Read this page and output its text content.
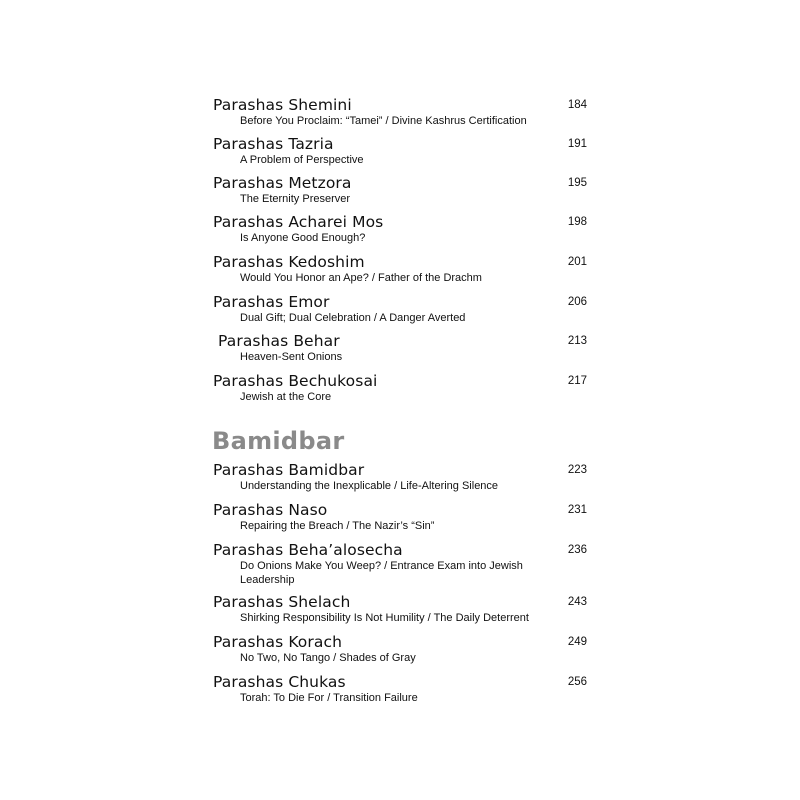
Parashas Shemini
Before You Proclaim: “Tamei” / Divine Kashrus Certification
184
Parashas Tazria
A Problem of Perspective
191
Parashas Metzora
The Eternity Preserver
195
Parashas Acharei Mos
Is Anyone Good Enough?
198
Parashas Kedoshim
Would You Honor an Ape? / Father of the Drachm
201
Parashas Emor
Dual Gift; Dual Celebration / A Danger Averted
206
Parashas Behar
Heaven-Sent Onions
213
Parashas Bechukosai
Jewish at the Core
217
Bamidbar
Parashas Bamidbar
Understanding the Inexplicable / Life-Altering Silence
223
Parashas Naso
Repairing the Breach / The Nazir’s “Sin”
231
Parashas Beha’alosecha
Do Onions Make You Weep? / Entrance Exam into Jewish Leadership
236
Parashas Shelach
Shirking Responsibility Is Not Humility / The Daily Deterrent
243
Parashas Korach
No Two, No Tango / Shades of Gray
249
Parashas Chukas
Torah: To Die For / Transition Failure
256
